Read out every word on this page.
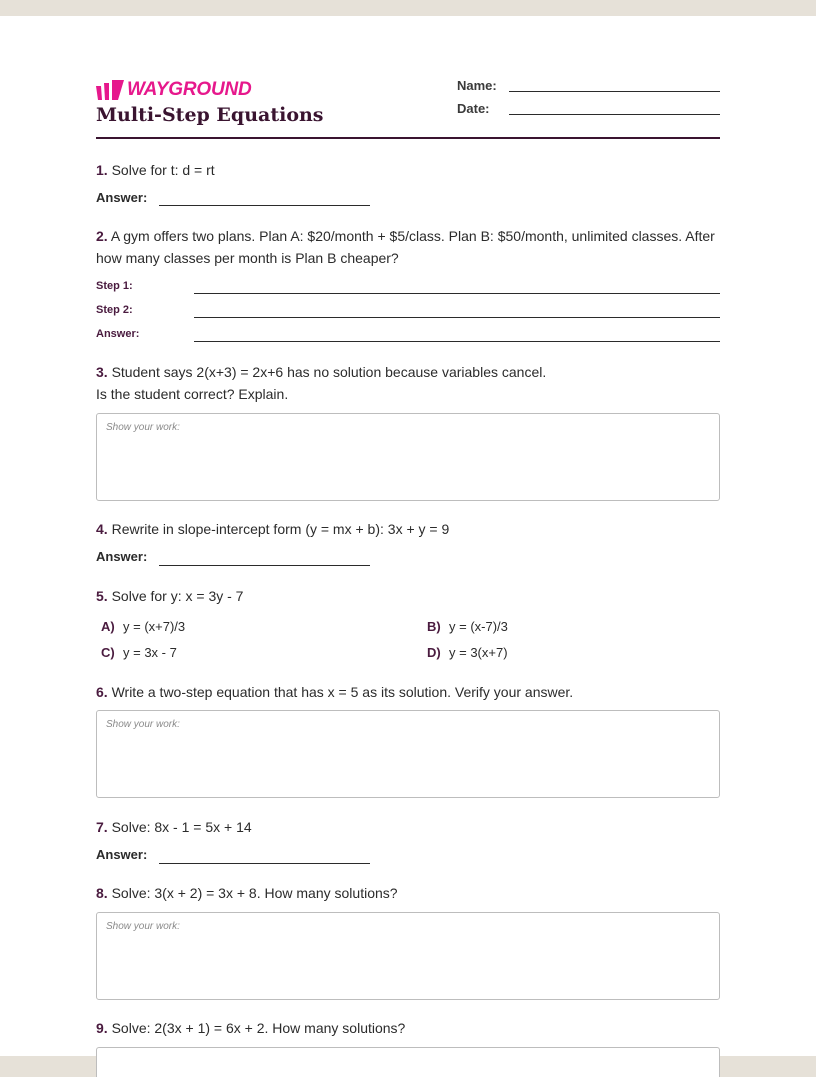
WAYGROUND
Multi-Step Equations
Name:
Date:
1. Solve for t: d = rt
Answer:
2. A gym offers two plans. Plan A: $20/month + $5/class. Plan B: $50/month, unlimited classes. After how many classes per month is Plan B cheaper?
Step 1:
Step 2:
Answer:
3. Student says 2(x+3) = 2x+6 has no solution because variables cancel.
Is the student correct? Explain.
Show your work:
4. Rewrite in slope-intercept form (y = mx + b): 3x + y = 9
Answer:
5. Solve for y: x = 3y - 7
A) y = (x+7)/3	B) y = (x-7)/3
C) y = 3x - 7	D) y = 3(x+7)
6. Write a two-step equation that has x = 5 as its solution. Verify your answer.
Show your work:
7. Solve: 8x - 1 = 5x + 14
Answer:
8. Solve: 3(x + 2) = 3x + 8. How many solutions?
Show your work:
9. Solve: 2(3x + 1) = 6x + 2. How many solutions?
